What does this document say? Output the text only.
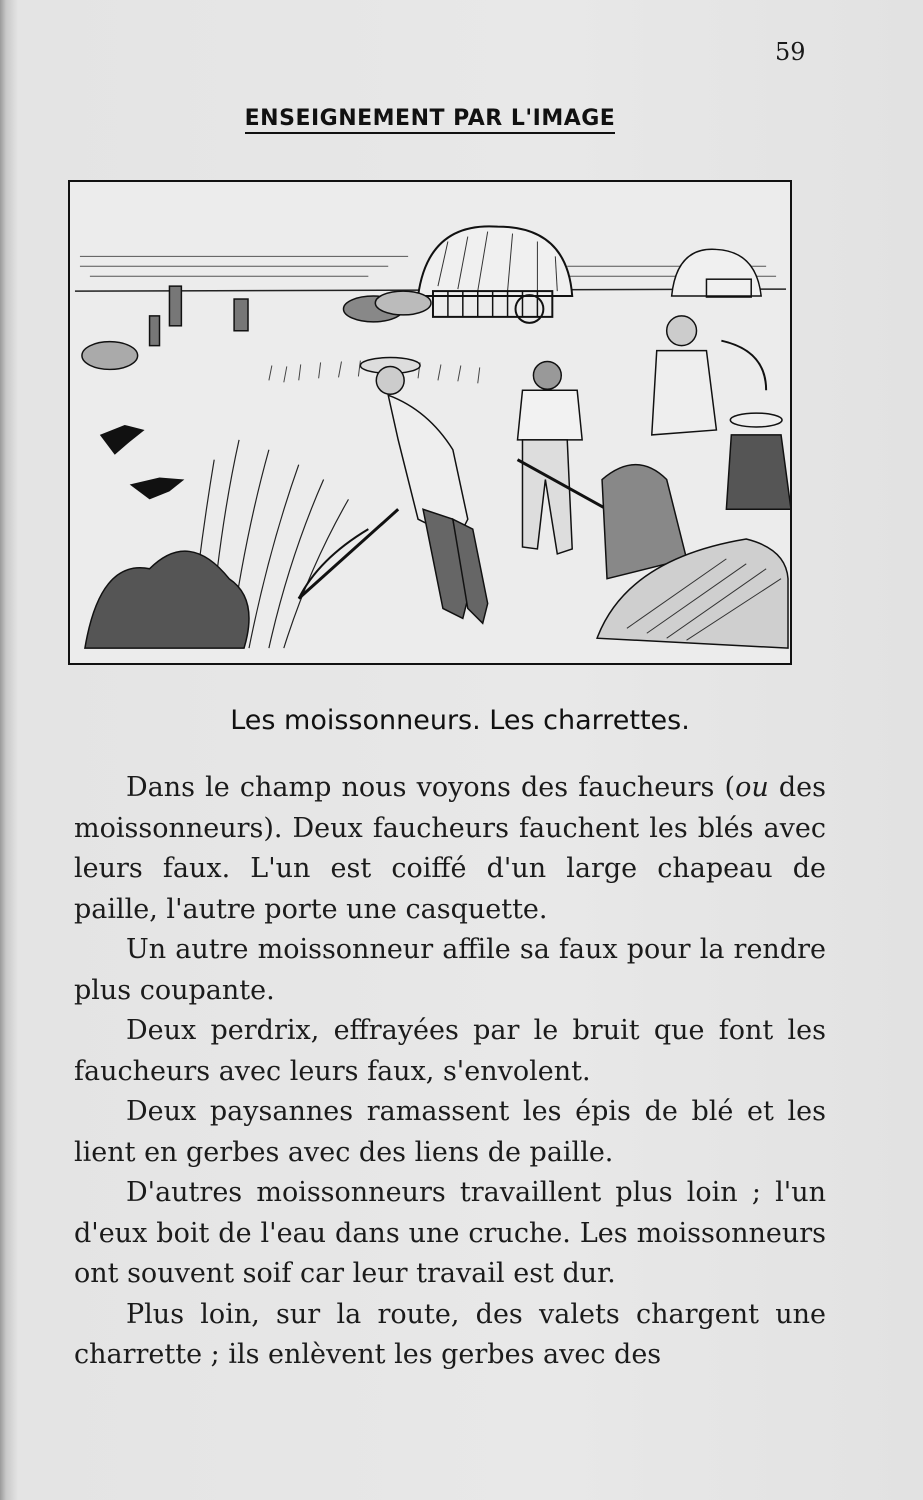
59
ENSEIGNEMENT PAR L'IMAGE
Les moissonneurs. Les charrettes.

Dans le champ nous voyons des faucheurs (ou des moissonneurs). Deux faucheurs fauchent les blés avec leurs faux. L'un est coiffé d'un large chapeau de paille, l'autre porte une casquette.

Un autre moissonneur affile sa faux pour la rendre plus coupante.

Deux perdrix, effrayées par le bruit que font les faucheurs avec leurs faux, s'envolent.

Deux paysannes ramassent les épis de blé et les lient en gerbes avec des liens de paille.

D'autres moissonneurs travaillent plus loin ; l'un d'eux boit de l'eau dans une cruche. Les moissonneurs ont souvent soif car leur travail est dur.

Plus loin, sur la route, des valets chargent une charrette ; ils enlèvent les gerbes avec des
